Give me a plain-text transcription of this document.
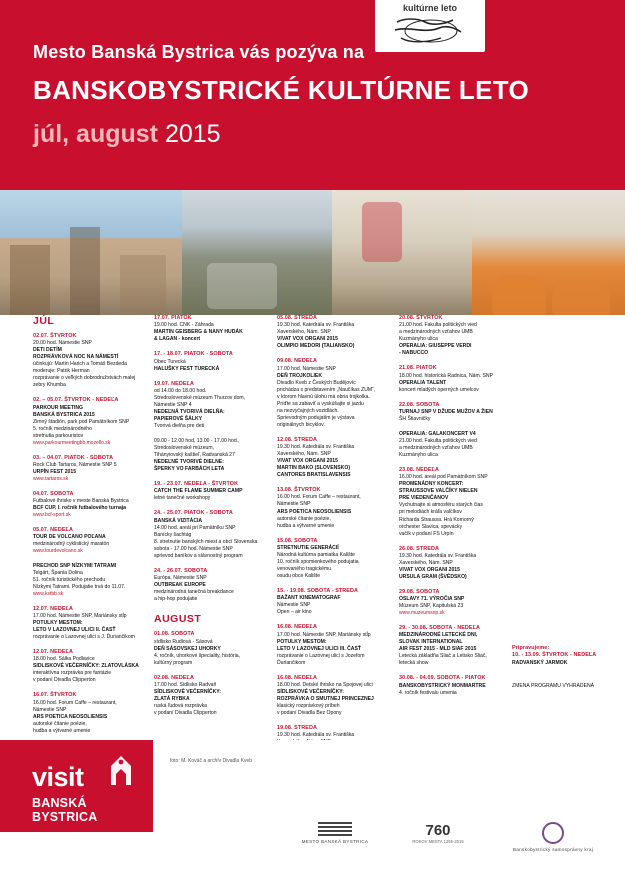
kultúrne leto
Mesto Banská Bystrica vás pozýva na
BANSKOBYSTRICKÉ KULTÚRNE LETO
júl, august 2015
JÚL
02.07. ŠTVRTOK
20.00 hod. Námestie SNP
DETI DETÍM
ROZPRÁVKOVÁ NOC NA NÁMESTÍ
účinkujú: Martin Harich a Tomáš Bezdeda
moderuje: Patrik Herman
rozprávanie o veľkých dobrodružstvách malej zebry Khumba
02. – 05.07. ŠTVRTOK - NEDEĽA
PARKOUR MEETING
BANSKÁ BYSTRICA 2015
Zimný štadión, park pod Pamätníkom SNP
5. ročník medzinárodného
stretnutia parkouristov
www.parkourmeetingbb.mozello.sk
03. – 04.07. PIATOK - SOBOTA
Rock Club Tartaros, Námestie SNP 5
URPÍN FEST 2015
www.tartaros.sk
04.07. SOBOTA
Futbalové ihrisko v meste Banská Bystrica
BCF CUP, I. ročník futbalového turnaja
www.bcf-sport.sk
05.07. NEDEĽA
TOUR DE VOLCANO POĽANA
medzinárodný cyklistický maratón
www.tourdevolcano.sk
PRECHOD SNP NÍZKYMI TATRAMI
Telgárt, Špania Dolina
51. ročník turistického prechodu
Nízkymi Tatrami. Podujatie trvá do 11.07.
www.kstbb.sk
12.07. NEDEĽA
17.00 hod. Námestie SNP, Mariánsky stĺp
POTULKY MESTOM:
LETO V LAZOVNEJ ULICI II. ČASŤ
rozprávanie o Lazovnej ulici s J. Ďuriančikom
12.07. NEDEĽA
18.00 hod. Sálka Podlavice
SIDLISKOVÉ VEČERNÍČKY: ZLATOVLÁSKA
interaktívna rozprávka pre fantázie
v podaní Divadla Clipperton
16.07. ŠTVRTOK
16.00 hod. Forum Caffe – restaurant,
Námestie SNP
ARS POETICA NEOSOLIENSIS
autorské čítanie poézie,
hudba a výtvarné umenie
17.07. PIATOK
19.00 hod. CNK - Záhrada
MARTIN GEISBERG & NANY HUDÁK
& LAGAN - koncert
17. - 18.07. PIATOK - SOBOTA
Obec Turecká
HALUŠKY FEST TURECKÁ
19.07. NEDEĽA
od 14.00 do 18.00 hod.
Stredoslovenské múzeum Thurzov dom,
Námestie SNP 4
NEDEĽNÁ TVORIVÁ DIELŇA:
PAPIEROVÉ ŠÁLKY
Tvorivá dielňa pre deti
09.00 - 12.00 hod, 13.00 - 17.00 hod.,
Stredoslovenské múzeum,
Tihányiovský kaštieľ, Radvanská 27
NEDEĽNÉ TVORIVÉ DIELNE:
ŠPERKY VO FARBÁCH LETA
19. - 23.07. NEDEĽA - ŠTVRTOK
CATCH THE FLAME SUMMER CAMP
letné tanečné workshopy
24. - 25.07. PIATOK - SOBOTA
BANSKÁ VIZITÁCIA
14.00 hod. areál pri Pamätníku SNP
Banícky šachtág
8. stretnutie banských miest a obcí Slovenska
sobota - 17.00 hod. Námestie SNP
sprievod baníkov a sláv​nostný program
24. - 26.07. SOBOTA
Európa, Námestie SNP
OUTBREAK EUROPE
medzinárodná tanečná breakdance
a hip-hop podujatie
AUGUST
01.08. SOBOTA
sídlisko Rudlová - Sásová
DEŇ SÁSOVSKEJ UHORKY
4. ročník, uhorkové špeciality, história,
kultúrny program
02.08. NEDEĽA
17.00 hod. Sídlisko Radvaň
SÍDLISKOVÉ VEČERNÍČKY:
ZLATÁ RYBKA
ruská ľudová rozprávka
v podaní Divadla Clipperton
05.08. STREDA
19.30 hod. Katedrála sv. Františka
Xaverského, Nám. SNP
VIVAT VOX ORGANI 2015
OLIMPIO MEDORI (TALIANSKO)
09.08. NEDEĽA
17.00 hod. Námestie SNP
DEŇ TROJKOLIEK
Divadlo Kveb z Českých Budějovíc
prichádza s predstavením „Naučíkas ZUM“,
v ktorom hlavnú úlohu má obria trojkolka.
Príďte sa zabaviť a vyskúšajte si jazdu
na nezvyčajných vozidlách.
Sprievodným podujatím je výstava
originálnych bicyklov.
12.08. STREDA
19.30 hod. Katedrála sv. Františka
Xaverského, Nám. SNP
VIVAT VOX ORGANI 2015
MARTIN BAKO (SLOVENSKO)
CANTORES BRATISLAVENSIS
13.08. ŠTVRTOK
16.00 hod. Forum Caffe – restaurant,
Námestie SNP
ARS POETICA NEOSOLIENSIS
autorské čítanie poézie,
hudba a výtvarné umenie
15.08. SOBOTA
STRETNUTIE GENERÁCIÍ
Národná kultúrna pamiatka Kalište
10. ročník spomienkového podujatia
venovaného tragickému
osudu obce Kalište
15. - 19.08. SOBOTA - STREDA
BAŽANT KINEMATOGRAF
Námestie SNP
Open – air kino
16.08. NEDEĽA
17.00 hod. Námestie SNP, Mariánsky stĺp
POTULKY MESTOM:
LETO V LAZOVNEJ ULICI III. ČASŤ
rozprávanie o Lazovnej ulici s Jozefom
Ďuriančikom
16.08. NEDEĽA
18.00 hod. Detské ihrisko na Spojovej ulici
SÍDLISKOVÉ VEČERNÍČKY:
ROZPRÁVKA O SMUTNEJ PRINCEZNEJ
klasický rozprávkový príbeh
v podaní Divadla Bez Opony
19.08. STREDA
19.30 hod. Katedrála sv. Františka
20.08. ŠTVRTOK
21.00 hod. Fakulta politických vied
a medzinárodných vzťahov UMB
Kuzmányho ulica
OPERALIA: GIUSEPPE VERDI
- NABUCCO
21.08. PIATOK
18.00 hod. historická Radnica, Nám. SNP
OPERALIA TALENT
koncert mladých operných umelcov
22.08. SOBOTA
TURNAJ SNP V DŽUDE MUŽOV A ŽIEN
ŠH Štiavničky
OPERALIA: GALAKONCERT V4
21.00 hod. Fakulta politických vied
a medzinárodných vzťahov UMB
Kuzmányho ulica
23.08. NEDEĽA
16.00 hod. areál pod Pamätníkom SNP
PROMENÁDNY KONCERT:
STRAUSSOVE VALČÍKY NIELEN
PRE VIEDENČANOV
Vychutnajte si atmosféru starých čias
pri melodiách kráľa valčíkov
Richarda Straussa. Hrá Komorný
orchester Slavica, spev​ácky
vačík v podaní FS Urpín
26.08. STREDA
19.30 hod. Katedrála sv. Františka
Xaverského, Nám. SNP
VIVAT VOX ORGANI 2015
URSULA GRAM (ŠVÉDSKO)
29.08. SOBOTA
OSLAVY 71. VÝROČIA SNP
Múzeum SNP, Kapitulská 23
www.muzeumsnp.sk
29. - 30.08. SOBOTA - NEDEĽA
MEDZINÁRODNÉ LETECKÉ DNI,
SLOVAK INTERNATIONAL
AIR FEST 2015 - MLD SIAF 2015
Letecká základňa Sliač a Letisko Sliač,
letecká show
30.08. - 04.09. SOBOTA - PIATOK
BANSKOBYSTRICKÝ MONMARTRE
4. ročník festivalu umenia
Pripravujeme:
10. - 13.09. ŠTVRTOK - NEDEĽA
RADVANSKÝ JARMOK
ZMENA PROGRAMU VYHRADENÁ
visit
BANSKÁ BYSTRICA
foto: M. Kováč a archív Divadla Kveb
MESTO BANSKÁ BYSTRICA
760
ROKOV MESTA 1255-2015
Banskobystrický samosprávny kraj
